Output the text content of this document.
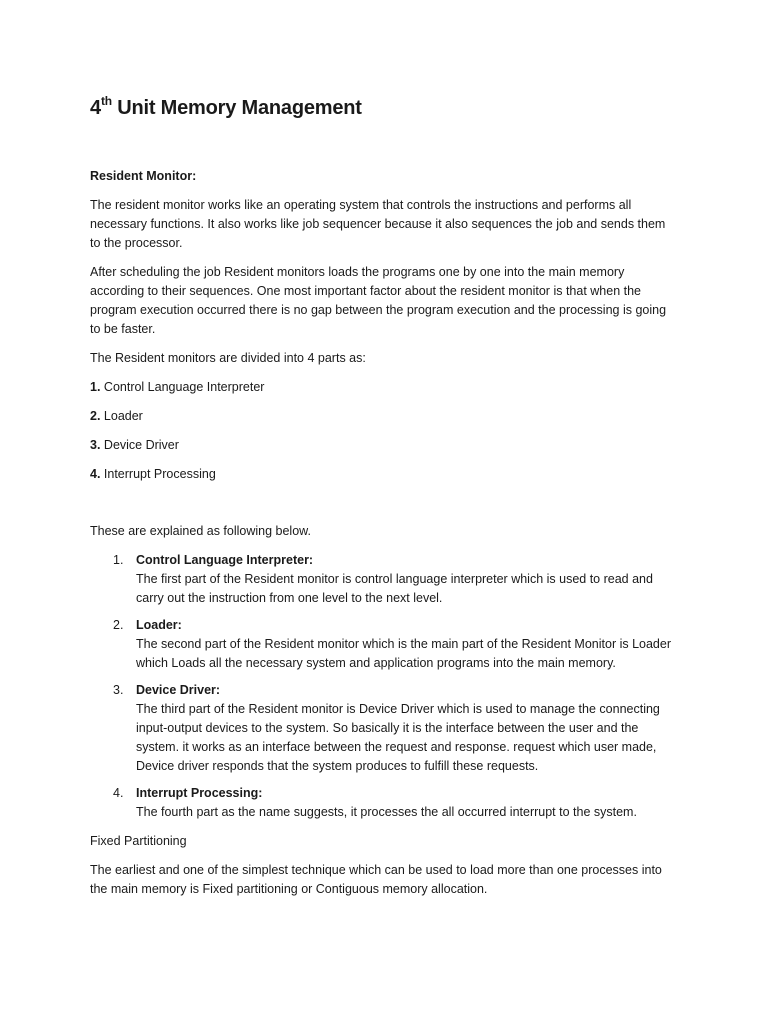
4th Unit Memory Management
Resident Monitor:

The resident monitor works like an operating system that controls the instructions and performs all necessary functions. It also works like job sequencer because it also sequences the job and sends them to the processor.

After scheduling the job Resident monitors loads the programs one by one into the main memory according to their sequences. One most important factor about the resident monitor is that when the program execution occurred there is no gap between the program execution and the processing is going to be faster.

The Resident monitors are divided into 4 parts as:

1. Control Language Interpreter
2. Loader
3. Device Driver
4. Interrupt Processing

These are explained as following below.

1. Control Language Interpreter:
The first part of the Resident monitor is control language interpreter which is used to read and carry out the instruction from one level to the next level.
2. Loader:
The second part of the Resident monitor which is the main part of the Resident Monitor is Loader which Loads all the necessary system and application programs into the main memory.
3. Device Driver:
The third part of the Resident monitor is Device Driver which is used to manage the connecting input-output devices to the system. So basically it is the interface between the user and the system. it works as an interface between the request and response. request which user made, Device driver responds that the system produces to fulfill these requests.
4. Interrupt Processing:
The fourth part as the name suggests, it processes the all occurred interrupt to the system.

Fixed Partitioning

The earliest and one of the simplest technique which can be used to load more than one processes into the main memory is Fixed partitioning or Contiguous memory allocation.
